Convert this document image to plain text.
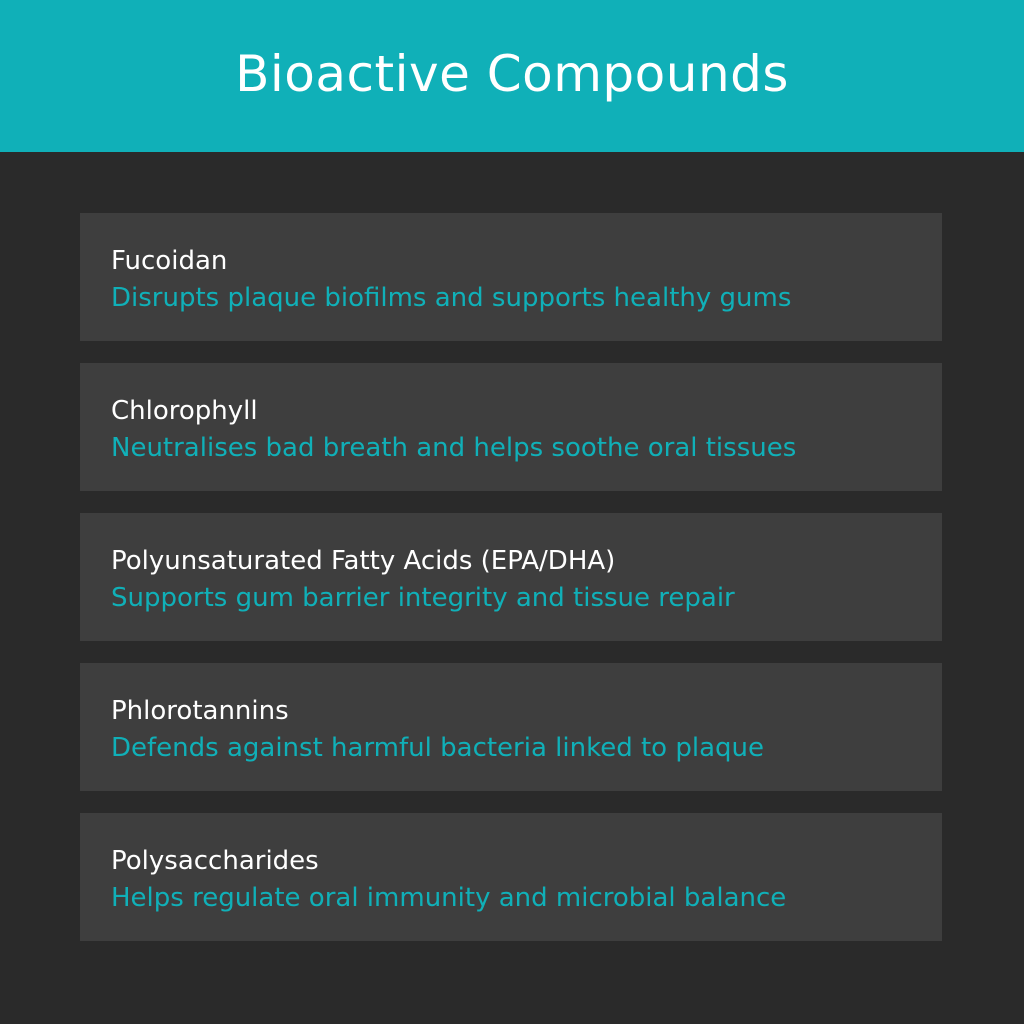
Bioactive Compounds
Fucoidan
Disrupts plaque biofilms and supports healthy gums
Chlorophyll
Neutralises bad breath and helps soothe oral tissues
Polyunsaturated Fatty Acids (EPA/DHA)
Supports gum barrier integrity and tissue repair
Phlorotannins
Defends against harmful bacteria linked to plaque
Polysaccharides
Helps regulate oral immunity and microbial balance
